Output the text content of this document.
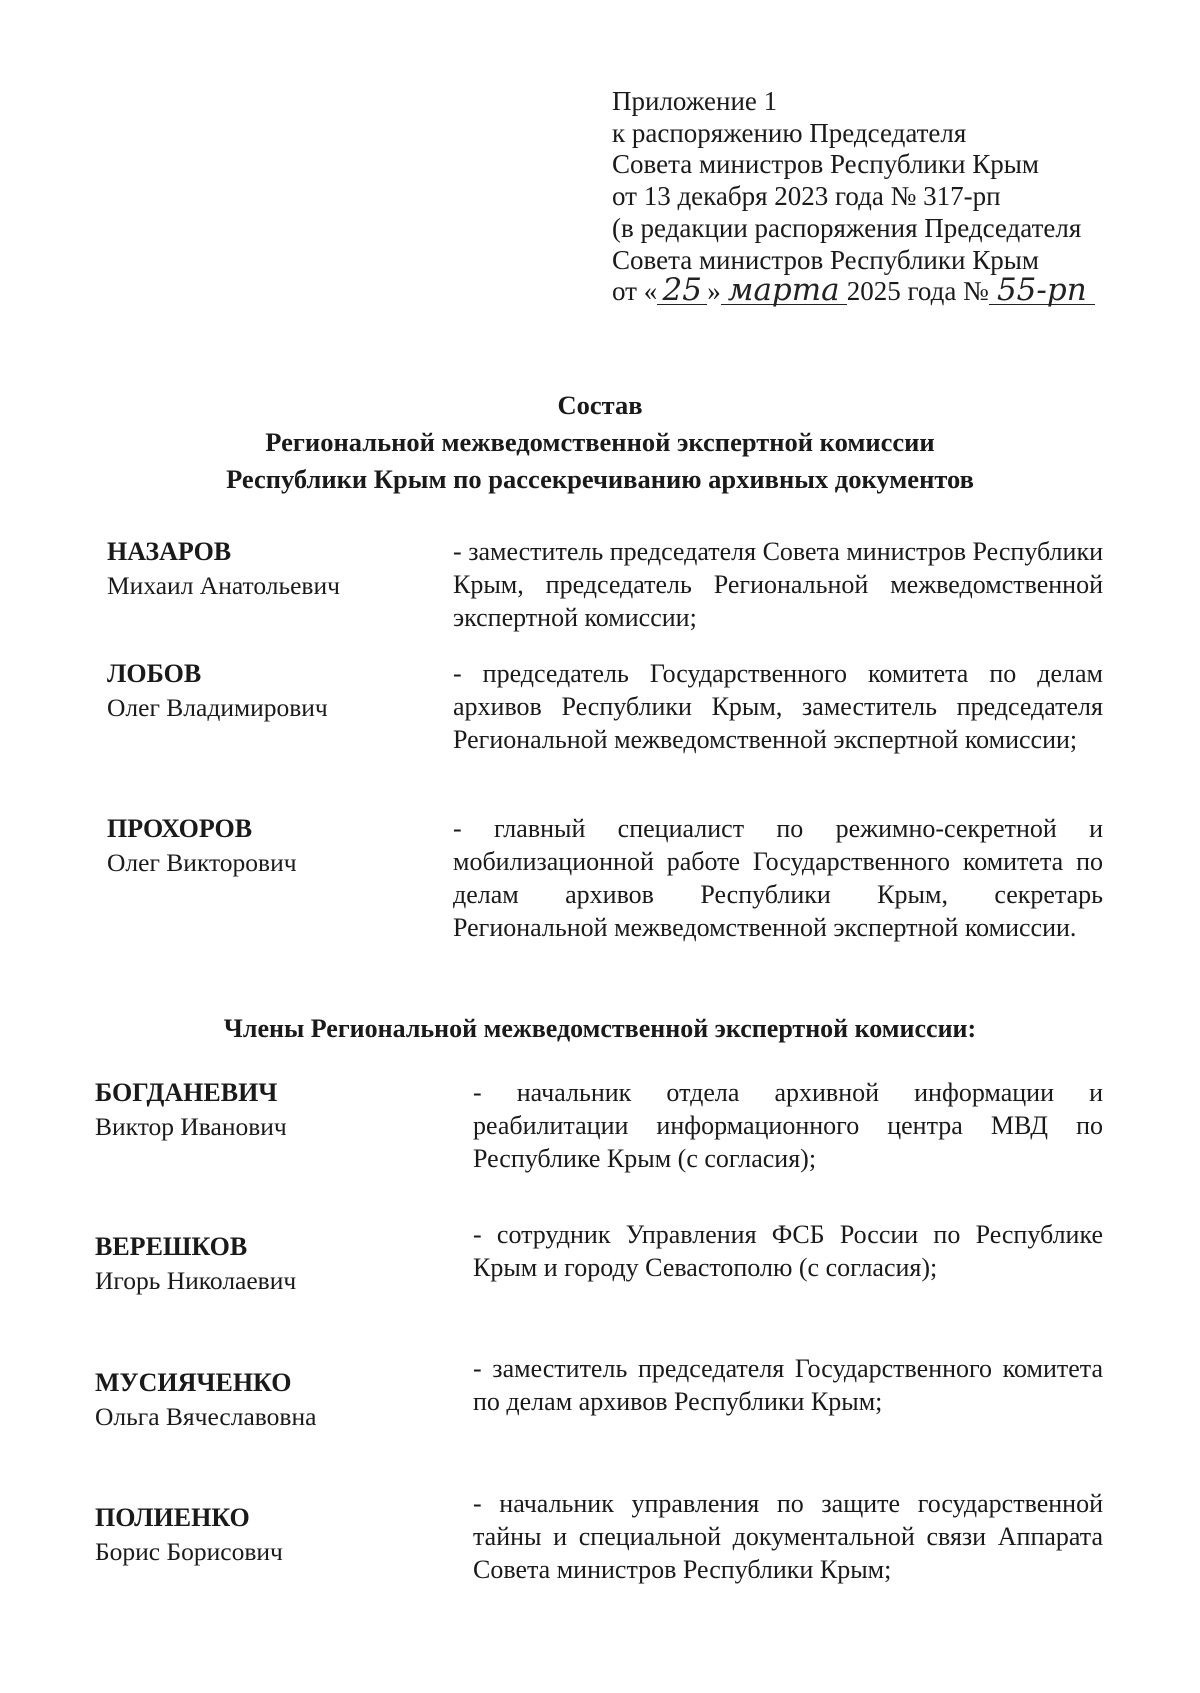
Приложение 1
к распоряжению Председателя
Совета министров Республики Крым
от 13 декабря 2023 года № 317-рп
(в редакции распоряжения Председателя
Совета министров Республики Крым
от « 25 » марта 2025 года № 55-рп
Состав
Региональной межведомственной экспертной комиссии
Республики Крым по рассекречиванию архивных документов
НАЗАРОВ
Михаил Анатольевич
- заместитель председателя Совета министров Республики Крым, председатель Региональной межведомственной экспертной комиссии;
ЛОБОВ
Олег Владимирович
- председатель Государственного комитета по делам архивов Республики Крым, заместитель председателя Региональной межведомственной экспертной комиссии;
ПРОХОРОВ
Олег Викторович
- главный специалист по режимно-секретной и мобилизационной работе Государственного комитета по делам архивов Республики Крым, секретарь Региональной межведомственной экспертной комиссии.
Члены Региональной межведомственной экспертной комиссии:
БОГДАНЕВИЧ
Виктор Иванович
- начальник отдела архивной информации и реабилитации информационного центра МВД по Республике Крым (с согласия);
ВЕРЕШКОВ
Игорь Николаевич
- сотрудник Управления ФСБ России по Республике Крым и городу Севастополю (с согласия);
МУСИЯЧЕНКО
Ольга Вячеславовна
- заместитель председателя Государственного комитета по делам архивов Республики Крым;
ПОЛИЕНКО
Борис Борисович
- начальник управления по защите государственной тайны и специальной документальной связи Аппарата Совета министров Республики Крым;
